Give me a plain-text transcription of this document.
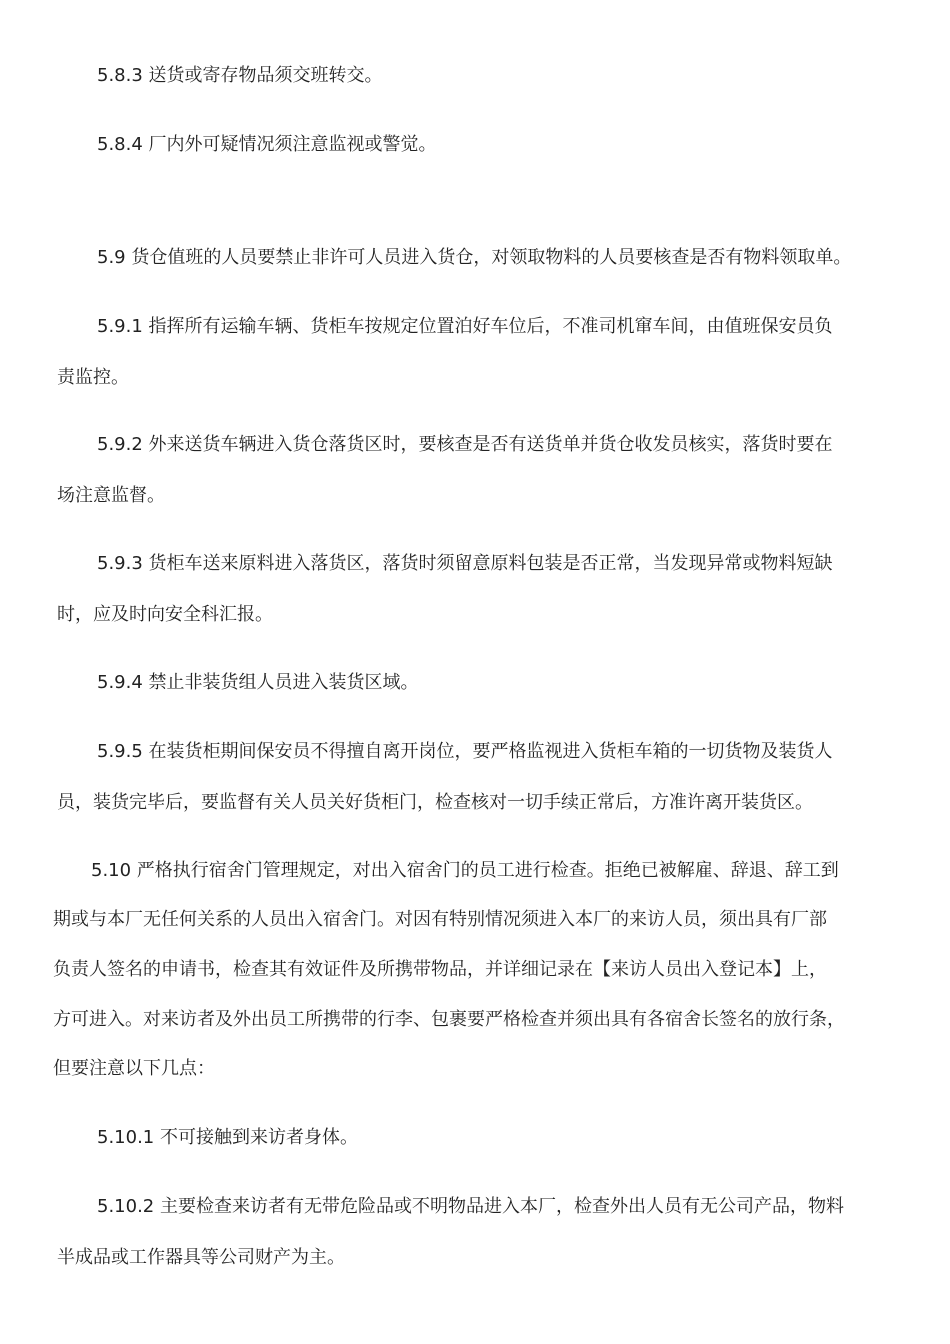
5.8.3 送货或寄存物品须交班转交。

5.8.4 厂内外可疑情况须注意监视或警觉。

5.9 货仓值班的人员要禁止非许可人员进入货仓，对领取物料的人员要核查是否有物料领取单。

5.9.1 指挥所有运输车辆、货柜车按规定位置泊好车位后，不准司机窜车间，由值班保安员负

责监控。

5.9.2 外来送货车辆进入货仓落货区时，要核查是否有送货单并货仓收发员核实，落货时要在

场注意监督。

5.9.3 货柜车送来原料进入落货区，落货时须留意原料包装是否正常，当发现异常或物料短缺

时，应及时向安全科汇报。

5.9.4 禁止非装货组人员进入装货区域。

5.9.5 在装货柜期间保安员不得擅自离开岗位，要严格监视进入货柜车箱的一切货物及装货人

员，装货完毕后，要监督有关人员关好货柜门，检查核对一切手续正常后，方准许离开装货区。

5.10 严格执行宿舍门管理规定，对出入宿舍门的员工进行检查。拒绝已被解雇、辞退、辞工到

期或与本厂无任何关系的人员出入宿舍门。对因有特别情况须进入本厂的来访人员，须出具有厂部

负责人签名的申请书，检查其有效证件及所携带物品，并详细记录在【来访人员出入登记本】上，

方可进入。对来访者及外出员工所携带的行李、包裹要严格检查并须出具有各宿舍长签名的放行条，

但要注意以下几点：

5.10.1 不可接触到来访者身体。

5.10.2 主要检查来访者有无带危险品或不明物品进入本厂，检查外出人员有无公司产品，物料

半成品或工作器具等公司财产为主。
